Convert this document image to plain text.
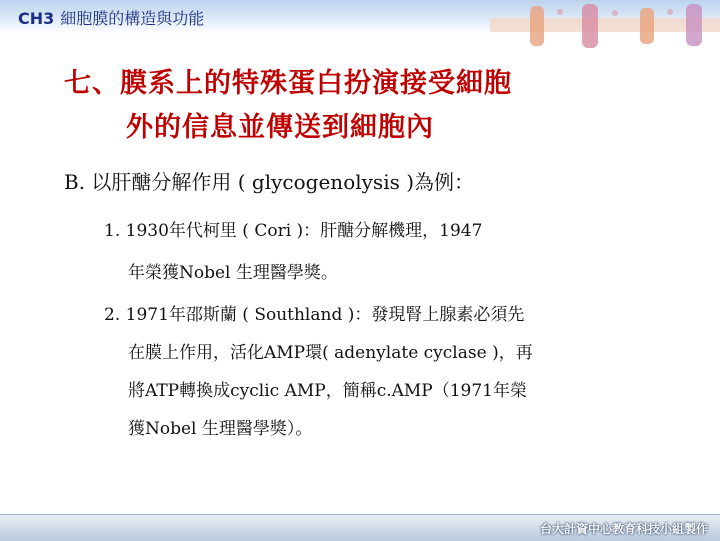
CH3 細胞膜的構造與功能
七、膜系上的特殊蛋白扮演接受細胞
外的信息並傳送到細胞內
B. 以肝醣分解作用 ( glycogenolysis )為例：
1. 1930年代柯里 ( Cori )：肝醣分解機理，1947
年榮獲Nobel 生理醫學獎。
2. 1971年邵斯蘭 ( Southland )：發現腎上腺素必須先
在膜上作用，活化AMP環( adenylate cyclase )，再
將ATP轉換成cyclic AMP，簡稱c.AMP（1971年榮
獲Nobel 生理醫學獎）。
台大計資中心教育科技小組製作
